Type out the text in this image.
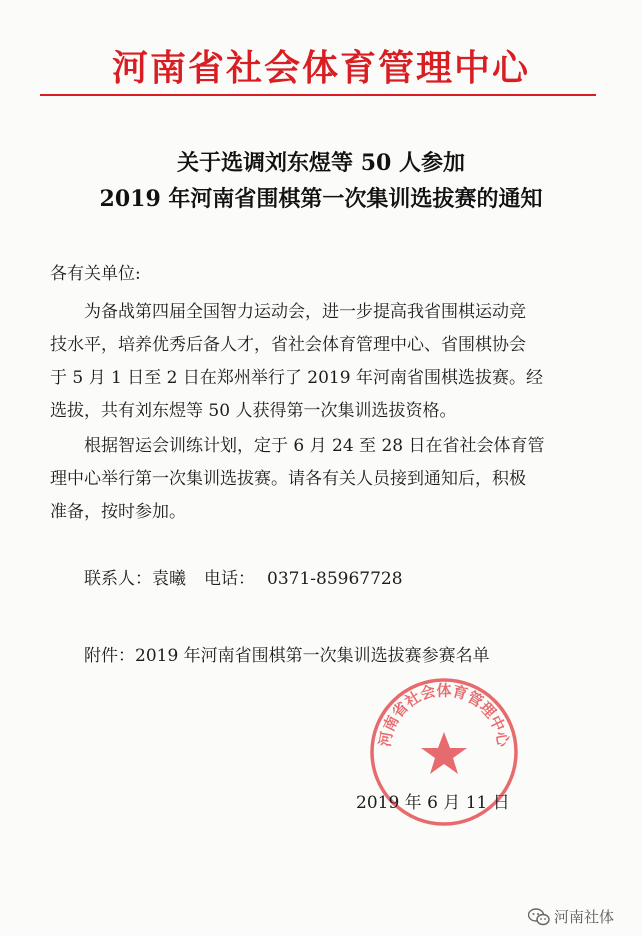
河南省社会体育管理中心
关于选调刘东煜等 50 人参加
2019 年河南省围棋第一次集训选拔赛的通知
各有关单位:
为备战第四届全国智力运动会，进一步提高我省围棋运动竞
技水平，培养优秀后备人才，省社会体育管理中心、省围棋协会
于 5 月 1 日至 2 日在郑州举行了 2019 年河南省围棋选拔赛。经
选拔，共有刘东煜等 50 人获得第一次集训选拔资格。
根据智运会训练计划，定于 6 月 24 至 28 日在省社会体育管
理中心举行第一次集训选拔赛。请各有关人员接到通知后，积极
准备，按时参加。
联系人：袁曦 电话： 0371-85967728
附件：2019 年河南省围棋第一次集训选拔赛参赛名单
河南省社会体育管理中心
2019 年 6 月 11 日
河南社体
